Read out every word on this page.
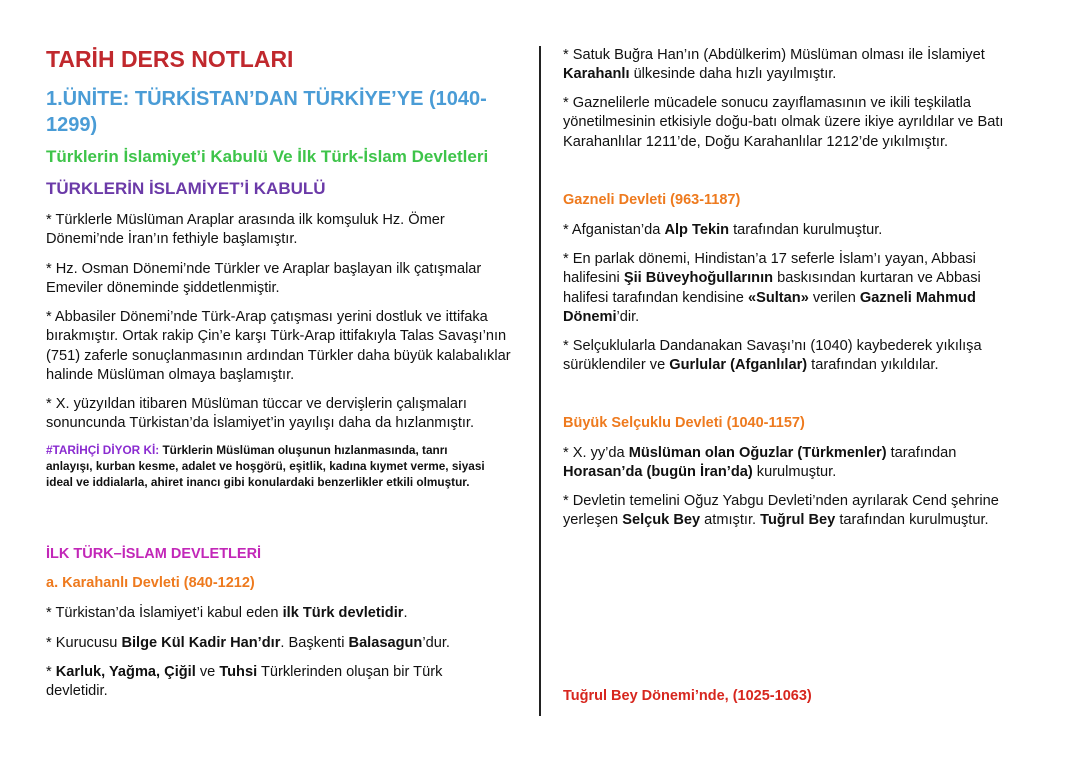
TARİH DERS NOTLARI
1.ÜNİTE: TÜRKİSTAN’DAN TÜRKİYE’YE (1040-1299)
Türklerin İslamiyet’i Kabulü Ve İlk Türk-İslam Devletleri
TÜRKLERİN İSLAMİYET’İ KABULÜ

* Türklerle Müslüman Araplar arasında ilk komşuluk Hz. Ömer Dönemi’nde İran’ın fethiyle başlamıştır.

* Hz. Osman Dönemi’nde Türkler ve Araplar başlayan ilk çatışmalar Emeviler döneminde şiddetlenmiştir.

* Abbasiler Dönemi’nde Türk-Arap çatışması yerini dostluk ve ittifaka bırakmıştır. Ortak rakip Çin’e karşı Türk-Arap ittifakıyla Talas Savaşı’nın (751) zaferle sonuçlanmasının ardından Türkler daha büyük kalabalıklar halinde Müslüman olmaya başlamıştır.

* X. yüzyıldan itibaren Müslüman tüccar ve dervişlerin çalışmaları sonuncunda Türkistan’da İslamiyet’in yayılışı daha da hızlanmıştır.

#TARİHÇİ DİYOR Kİ: Türklerin Müslüman oluşunun hızlanmasında, tanrı anlayışı, kurban kesme, adalet ve hoşgörü, eşitlik, kadına kıymet verme, siyasi ideal ve iddialarla, ahiret inancı gibi konulardaki benzerlikler etkili olmuştur.

İLK TÜRK–İSLAM DEVLETLERİ
a. Karahanlı Devleti (840-1212)

* Türkistan’da İslamiyet’i kabul eden ilk Türk devletidir.

* Kurucusu Bilge Kül Kadir Han’dır. Başkenti Balasagun’dur.

* Karluk, Yağma, Çiğil ve Tuhsi Türklerinden oluşan bir Türk devletidir.

* Satuk Buğra Han’ın (Abdülkerim) Müslüman olması ile İslamiyet Karahanlı ülkesinde daha hızlı yayılmıştır.

* Gaznelilerle mücadele sonucu zayıflamasının ve ikili teşkilatla yönetilmesinin etkisiyle doğu-batı olmak üzere ikiye ayrıldılar ve Batı Karahanlılar 1211’de, Doğu Karahanlılar 1212’de yıkılmıştır.

Gazneli Devleti (963-1187)

* Afganistan’da Alp Tekin tarafından kurulmuştur.

* En parlak dönemi, Hindistan’a 17 seferle İslam’ı yayan, Abbasi halifesini Şii Büveyhoğullarının baskısından kurtaran ve Abbasi halifesi tarafından kendisine «Sultan» verilen Gazneli Mahmud Dönemi’dir.

* Selçuklularla Dandanakan Savaşı’nı (1040) kaybederek yıkılışa sürüklendiler ve Gurlular (Afganlılar) tarafından yıkıldılar.

Büyük Selçuklu Devleti (1040-1157)

* X. yy’da Müslüman olan Oğuzlar (Türkmenler) tarafından Horasan’da (bugün İran’da) kurulmuştur.

* Devletin temelini Oğuz Yabgu Devleti’nden ayrılarak Cend şehrine yerleşen Selçuk Bey atmıştır. Tuğrul Bey tarafından kurulmuştur.

Tuğrul Bey Dönemi’nde, (1025-1063)
